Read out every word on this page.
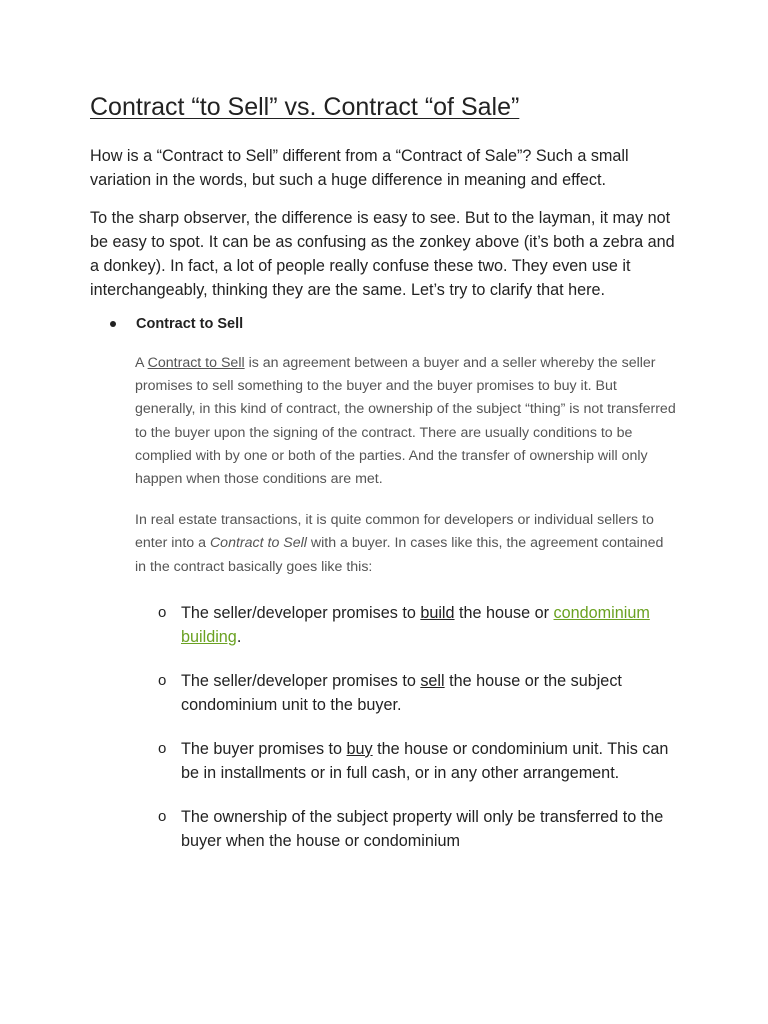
Contract “to Sell” vs. Contract “of Sale”

How is a “Contract to Sell” different from a “Contract of Sale”? Such a small variation in the words, but such a huge difference in meaning and effect.

To the sharp observer, the difference is easy to see. But to the layman, it may not be easy to spot. It can be as confusing as the zonkey above (it’s both a zebra and a donkey). In fact, a lot of people really confuse these two. They even use it interchangeably, thinking they are the same. Let’s try to clarify that here.

Contract to Sell

A Contract to Sell is an agreement between a buyer and a seller whereby the seller promises to sell something to the buyer and the buyer promises to buy it. But generally, in this kind of contract, the ownership of the subject “thing” is not transferred to the buyer upon the signing of the contract. There are usually conditions to be complied with by one or both of the parties. And the transfer of ownership will only happen when those conditions are met.

In real estate transactions, it is quite common for developers or individual sellers to enter into a Contract to Sell with a buyer. In cases like this, the agreement contained in the contract basically goes like this:

o The seller/developer promises to build the house or condominium building.
o The seller/developer promises to sell the house or the subject condominium unit to the buyer.
o The buyer promises to buy the house or condominium unit. This can be in installments or in full cash, or in any other arrangement.
o The ownership of the subject property will only be transferred to the buyer when the house or condominium
